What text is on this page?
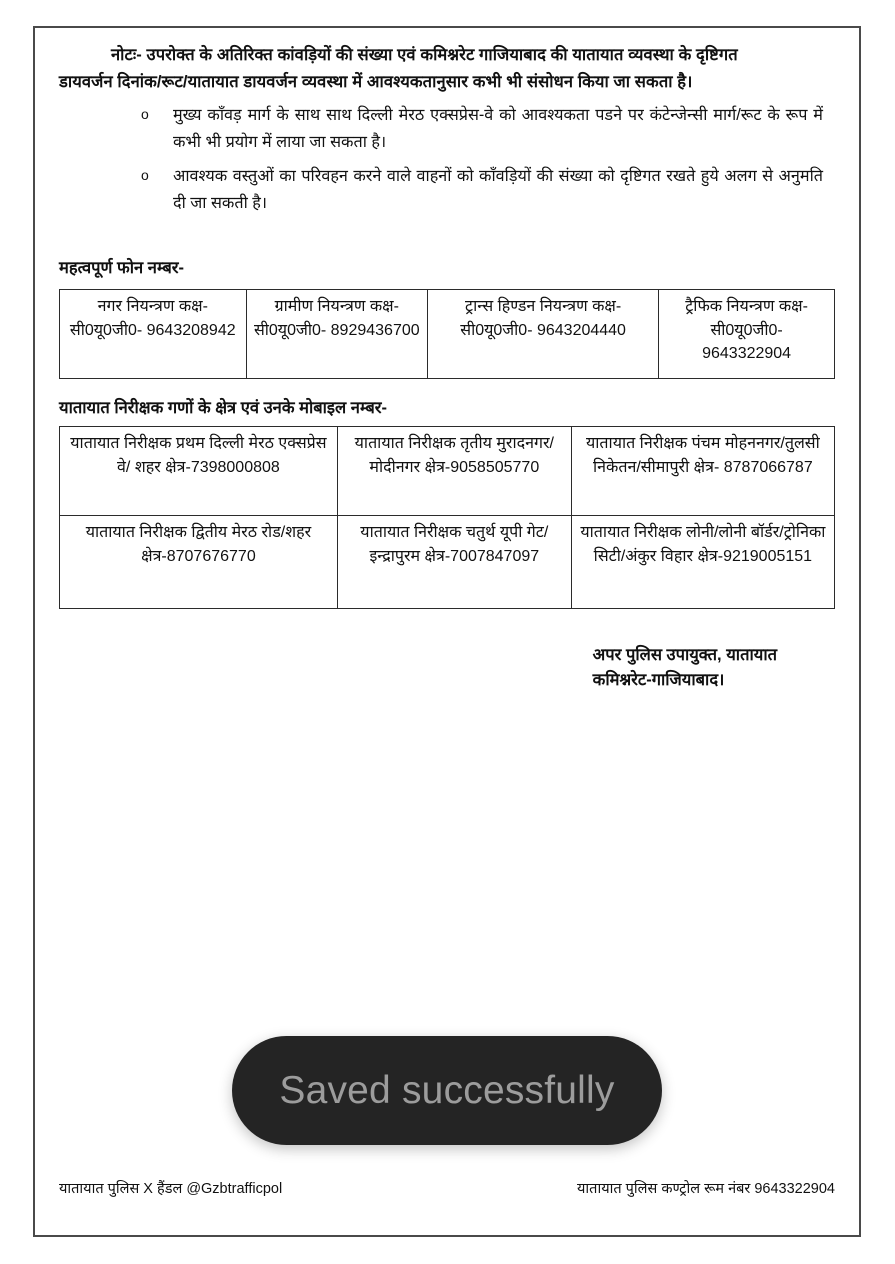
नोटः- उपरोक्त के अतिरिक्त कांवड़ियों की संख्या एवं कमिश्नरेट गाजियाबाद की यातायात व्यवस्था के दृष्टिगत
डायवर्जन दिनांक/रूट/यातायात डायवर्जन व्यवस्था में आवश्यकतानुसार कभी भी संसोधन किया जा सकता है।
o मुख्य काँवड़ मार्ग के साथ साथ दिल्ली मेरठ एक्सप्रेस-वे को आवश्यकता पडने पर कंटेन्जेन्सी मार्ग/रूट के रूप में कभी भी प्रयोग में लाया जा सकता है।
o आवश्यक वस्तुओं का परिवहन करने वाले वाहनों को काँवड़ियों की संख्या को दृष्टिगत रखते हुये अलग से अनुमति दी जा सकती है।
महत्वपूर्ण फोन नम्बर-
नगर नियन्त्रण कक्ष- सी0यू0जी0- 9643208942	ग्रामीण नियन्त्रण कक्ष- सी0यू0जी0- 8929436700	ट्रान्स हिण्डन नियन्त्रण कक्ष- सी0यू0जी0- 9643204440	ट्रैफिक नियन्त्रण कक्ष- सी0यू0जी0- 9643322904
यातायात निरीक्षक गणों के क्षेत्र एवं उनके मोबाइल नम्बर-
यातायात निरीक्षक प्रथम दिल्ली मेरठ एक्सप्रेस वे/ शहर क्षेत्र-7398000808	यातायात निरीक्षक तृतीय मुरादनगर/ मोदीनगर क्षेत्र-9058505770	यातायात निरीक्षक पंचम मोहननगर/तुलसी निकेतन/सीमापुरी क्षेत्र- 8787066787
यातायात निरीक्षक द्वितीय मेरठ रोड/शहर क्षेत्र-8707676770	यातायात निरीक्षक चतुर्थ यूपी गेट/इन्द्रापुरम क्षेत्र-7007847097	यातायात निरीक्षक लोनी/लोनी बॉर्डर/ट्रोनिका सिटी/अंकुर विहार क्षेत्र-9219005151
अपर पुलिस उपायुक्त, यातायात
कमिश्नरेट-गाजियाबाद।
यातायात पुलिस X हैंडल @Gzbtrafficpol	यातायात पुलिस कण्ट्रोल रूम नंबर 9643322904
Saved successfully
